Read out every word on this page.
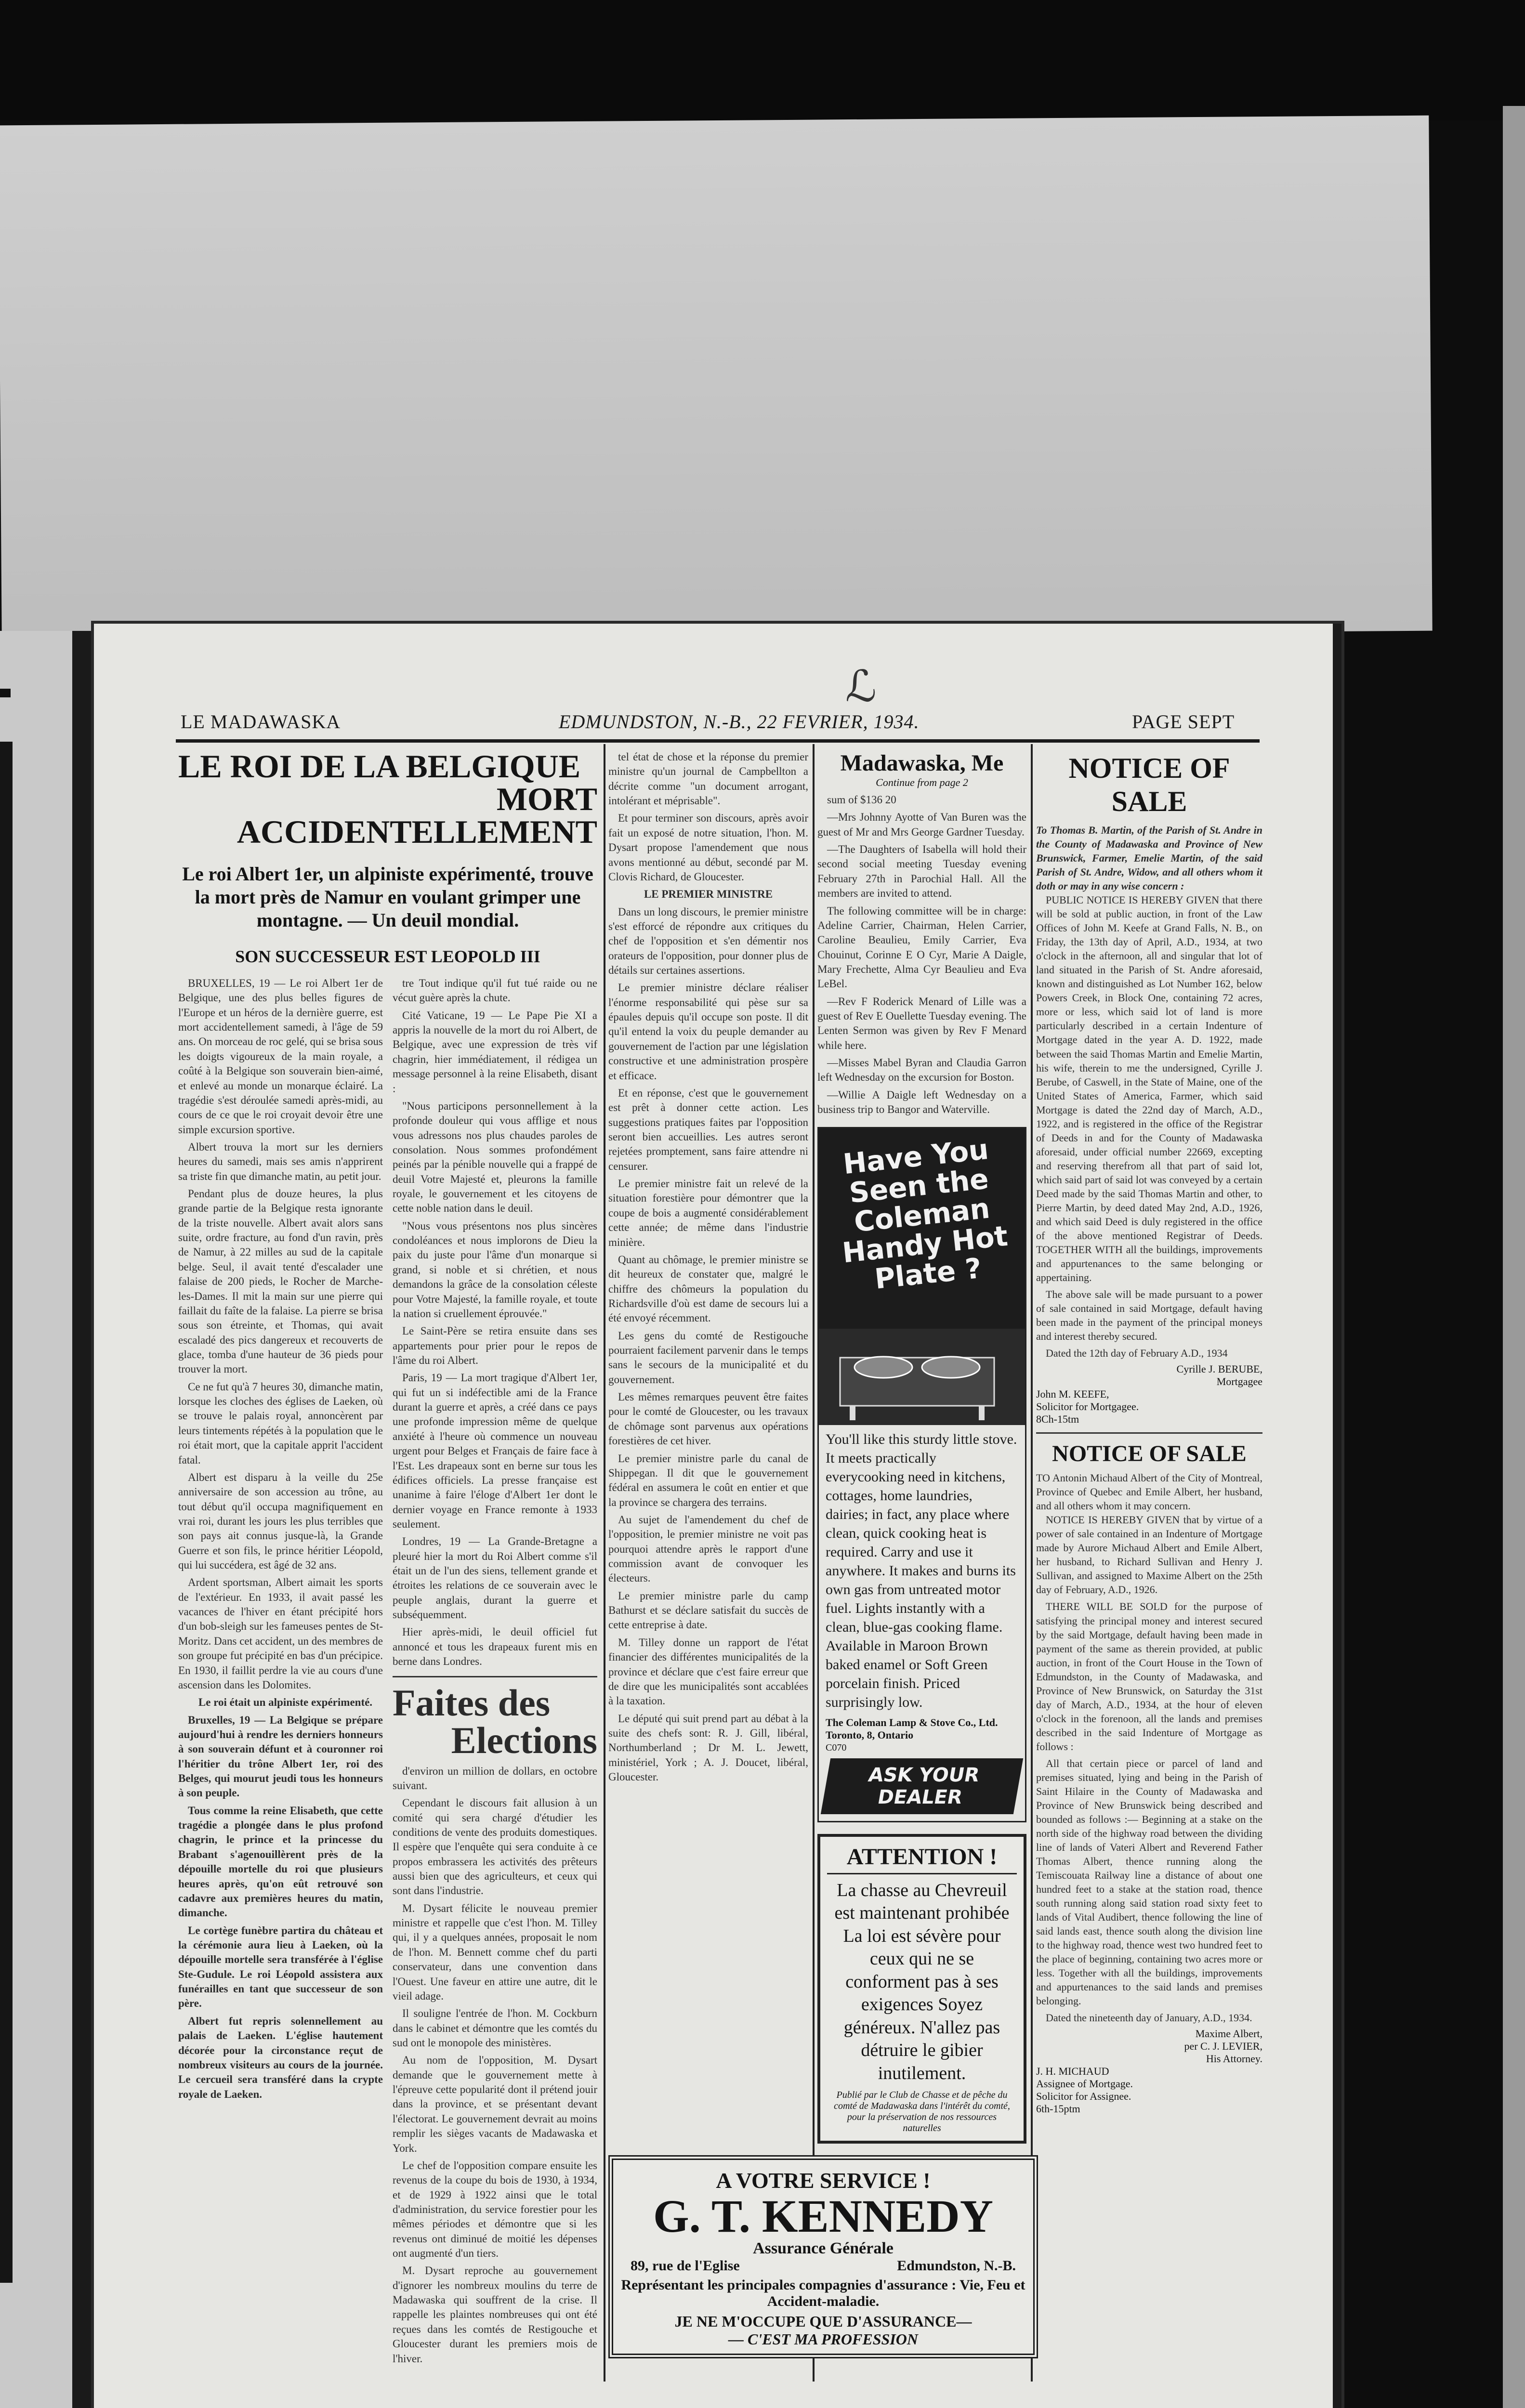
ℒ
LE MADAWASKA	EDMUNDSTON, N.-B., 22 FEVRIER, 1934.	PAGE SEPT
LE ROI DE LA BELGIQUE
MORT ACCIDENTELLEMENT
Le roi Albert 1er, un alpiniste expérimenté, trouve la mort près de Namur en voulant grimper une montagne. — Un deuil mondial.
SON SUCCESSEUR EST LEOPOLD III

BRUXELLES, 19 — Le roi Albert 1er de Belgique, une des plus belles figures de l'Europe et un héros de la dernière guerre, est mort accidentellement samedi, à l'âge de 59 ans. On morceau de roc gelé, qui se brisa sous les doigts vigoureux de la main royale, a coûté à la Belgique son souverain bien-aimé, et enlevé au monde un monarque éclairé. La tragédie s'est déroulée samedi après-midi, au cours de ce que le roi croyait devoir être une simple excursion sportive.

Albert trouva la mort sur les derniers heures du samedi, mais ses amis n'apprirent sa triste fin que dimanche matin, au petit jour.

Pendant plus de douze heures, la plus grande partie de la Belgique resta ignorante de la triste nouvelle. Albert avait alors sans suite, ordre fracture, au fond d'un ravin, près de Namur, à 22 milles au sud de la capitale belge. Seul, il avait tenté d'escalader une falaise de 200 pieds, le Rocher de Marche-les-Dames. Il mit la main sur une pierre qui faillait du faîte de la falaise. La pierre se brisa sous son étreinte, et Thomas, qui avait escaladé des pics dangereux et recouverts de glace, tomba d'une hauteur de 36 pieds pour trouver la mort.

Ce ne fut qu'à 7 heures 30, dimanche matin, lorsque les cloches des églises de Laeken, où se trouve le palais royal, annoncèrent par leurs tintements répétés à la population que le roi était mort, que la capitale apprit l'accident fatal.

Albert est disparu à la veille du 25e anniversaire de son accession au trône, au tout début qu'il occupa magnifiquement en vrai roi, durant les jours les plus terribles que son pays ait connus jusque-là, la Grande Guerre et son fils, le prince héritier Léopold, qui lui succédera, est âgé de 32 ans.

Ardent sportsman, Albert aimait les sports de l'extérieur. En 1933, il avait passé les vacances de l'hiver en étant précipité hors d'un bob-sleigh sur les fameuses pentes de St-Moritz. Dans cet accident, un des membres de son groupe fut précipité en bas d'un précipice. En 1930, il faillit perdre la vie au cours d'une ascension dans les Dolomites.

Le roi était un alpiniste expérimenté.

Bruxelles, 19 — La Belgique se prépare aujourd'hui à rendre les derniers honneurs à son souverain défunt et à couronner roi l'héritier du trône Albert 1er, roi des Belges, qui mourut jeudi tous les honneurs à son peuple.

Tous comme la reine Elisabeth, que cette tragédie a plongée dans le plus profond chagrin, le prince et la princesse du Brabant s'agenouillèrent près de la dépouille mortelle du roi que plusieurs heures après, qu'on eût retrouvé son cadavre aux premières heures du matin, dimanche.

Le cortège funèbre partira du château et la cérémonie aura lieu à Laeken, où la dépouille mortelle sera transférée à l'église Ste-Gudule. Le roi Léopold assistera aux funérailles en tant que successeur de son père.

Albert fut repris solennellement au palais de Laeken. L'église hautement décorée pour la circonstance reçut de nombreux visiteurs au cours de la journée. Le cercueil sera transféré dans la crypte royale de Laeken.

tre Tout indique qu'il fut tué raide ou ne vécut guère après la chute.

Cité Vaticane, 19 — Le Pape Pie XI a appris la nouvelle de la mort du roi Albert, de Belgique, avec une expression de très vif chagrin, hier immédiatement, il rédigea un message personnel à la reine Elisabeth, disant :

"Nous participons personnellement à la profonde douleur qui vous afflige et nous vous adressons nos plus chaudes paroles de consolation. Nous sommes profondément peinés par la pénible nouvelle qui a frappé de deuil Votre Majesté et, pleurons la famille royale, le gouvernement et les citoyens de cette noble nation dans le deuil.

"Nous vous présentons nos plus sincères condoléances et nous implorons de Dieu la paix du juste pour l'âme d'un monarque si grand, si noble et si chrétien, et nous demandons la grâce de la consolation céleste pour Votre Majesté, la famille royale, et toute la nation si cruellement éprouvée."

Le Saint-Père se retira ensuite dans ses appartements pour prier pour le repos de l'âme du roi Albert.

Paris, 19 — La mort tragique d'Albert 1er, qui fut un si indéfectible ami de la France durant la guerre et après, a créé dans ce pays une profonde impression même de quelque anxiété à l'heure où commence un nouveau urgent pour Belges et Français de faire face à l'Est. Les drapeaux sont en berne sur tous les édifices officiels. La presse française est unanime à faire l'éloge d'Albert 1er dont le dernier voyage en France remonte à 1933 seulement.

Londres, 19 — La Grande-Bretagne a pleuré hier la mort du Roi Albert comme s'il était un de l'un des siens, tellement grande et étroites les relations de ce souverain avec le peuple anglais, durant la guerre et subséquemment.

Hier après-midi, le deuil officiel fut annoncé et tous les drapeaux furent mis en berne dans Londres.

Faites des
Elections

d'environ un million de dollars, en octobre suivant.

Cependant le discours fait allusion à un comité qui sera chargé d'étudier les conditions de vente des produits domestiques. Il espère que l'enquête qui sera conduite à ce propos embrassera les activités des prêteurs aussi bien que des agriculteurs, et ceux qui sont dans l'industrie.

M. Dysart félicite le nouveau premier ministre et rappelle que c'est l'hon. M. Tilley qui, il y a quelques années, proposait le nom de l'hon. M. Bennett comme chef du parti conservateur, dans une convention dans l'Ouest. Une faveur en attire une autre, dit le vieil adage.

Il souligne l'entrée de l'hon. M. Cockburn dans le cabinet et démontre que les comtés du sud ont le monopole des ministères.

Au nom de l'opposition, M. Dysart demande que le gouvernement mette à l'épreuve cette popularité dont il prétend jouir dans la province, et se présentant devant l'électorat. Le gouvernement devrait au moins remplir les sièges vacants de Madawaska et York.

Le chef de l'opposition compare ensuite les revenus de la coupe du bois de 1930, à 1934, et de 1929 à 1922 ainsi que le total d'administration, du service forestier pour les mêmes périodes et démontre que si les revenus ont diminué de moitié les dépenses ont augmenté d'un tiers.

M. Dysart reproche au gouvernement d'ignorer les nombreux moulins du terre de Madawaska qui souffrent de la crise. Il rappelle les plaintes nombreuses qui ont été reçues dans les comtés de Restigouche et Gloucester durant les premiers mois de l'hiver.

tel état de chose et la réponse du premier ministre qu'un journal de Campbellton a décrite comme "un document arrogant, intolérant et méprisable".

Et pour terminer son discours, après avoir fait un exposé de notre situation, l'hon. M. Dysart propose l'amendement que nous avons mentionné au début, secondé par M. Clovis Richard, de Gloucester.

LE PREMIER MINISTRE

Dans un long discours, le premier ministre s'est efforcé de répondre aux critiques du chef de l'opposition et s'en démentir nos orateurs de l'opposition, pour donner plus de détails sur certaines assertions.

Le premier ministre déclare réaliser l'énorme responsabilité qui pèse sur sa épaules depuis qu'il occupe son poste. Il dit qu'il entend la voix du peuple demander au gouvernement de l'action par une législation constructive et une administration prospère et efficace.

Et en réponse, c'est que le gouvernement est prêt à donner cette action. Les suggestions pratiques faites par l'opposition seront bien accueillies. Les autres seront rejetées promptement, sans faire attendre ni censurer.

Le premier ministre fait un relevé de la situation forestière pour démontrer que la coupe de bois a augmenté considérablement cette année; de même dans l'industrie minière.

Quant au chômage, le premier ministre se dit heureux de constater que, malgré le chiffre des chômeurs la population du Richardsville d'où est dame de secours lui a été envoyé récemment.

Les gens du comté de Restigouche pourraient facilement parvenir dans le temps sans le secours de la municipalité et du gouvernement.

Les mêmes remarques peuvent être faites pour le comté de Gloucester, ou les travaux de chômage sont parvenus aux opérations forestières de cet hiver.

Le premier ministre parle du canal de Shippegan. Il dit que le gouvernement fédéral en assumera le coût en entier et que la province se chargera des terrains.

Au sujet de l'amendement du chef de l'opposition, le premier ministre ne voit pas pourquoi attendre après le rapport d'une commission avant de convoquer les électeurs.

Le premier ministre parle du camp Bathurst et se déclare satisfait du succès de cette entreprise à date.

M. Tilley donne un rapport de l'état financier des différentes municipalités de la province et déclare que c'est faire erreur que de dire que les municipalités sont accablées à la taxation.

Le député qui suit prend part au débat à la suite des chefs sont: R. J. Gill, libéral, Northumberland ; Dr M. L. Jewett, ministériel, York ; A. J. Doucet, libéral, Gloucester.

Madawaska, Me
Continue from page 2

sum of $136 20

—Mrs Johnny Ayotte of Van Buren was the guest of Mr and Mrs George Gardner Tuesday.

—The Daughters of Isabella will hold their second social meeting Tuesday evening February 27th in Parochial Hall. All the members are invited to attend.

The following committee will be in charge: Adeline Carrier, Chairman, Helen Carrier, Caroline Beaulieu, Emily Carrier, Eva Chouinut, Corinne E O Cyr, Marie A Daigle, Mary Frechette, Alma Cyr Beaulieu and Eva LeBel.

—Rev F Roderick Menard of Lille was a guest of Rev E Ouellette Tuesday evening. The Lenten Sermon was given by Rev F Menard while here.

—Misses Mabel Byran and Claudia Garron left Wednesday on the excursion for Boston.

—Willie A Daigle left Wednesday on a business trip to Bangor and Waterville.

Have You Seen the Coleman Handy Hot Plate ?
You'll like this sturdy little stove. It meets practically everycooking need in kitchens, cottages, home laundries, dairies; in fact, any place where clean, quick cooking heat is required. Carry and use it anywhere. It makes and burns its own gas from untreated motor fuel. Lights instantly with a clean, blue-gas cooking flame. Available in Maroon Brown baked enamel or Soft Green porcelain finish. Priced surprisingly low.
The Coleman Lamp & Stove Co., Ltd. Toronto, 8, Ontario
C070
ASK YOUR DEALER
ATTENTION !
La chasse au Chevreuil est maintenant prohibée La loi est sévère pour ceux qui ne se conforment pas à ses exigences Soyez généreux. N'allez pas détruire le gibier inutilement.
Publié par le Club de Chasse et de pêche du comté de Madawaska dans l'intérêt du comté, pour la préservation de nos ressources naturelles
A VOTRE SERVICE !
G. T. KENNEDY
Assurance Générale
89, rue de l'Eglise	Edmundston, N.-B.
Représentant les principales compagnies d'assurance : Vie, Feu et Accident-maladie.
JE NE M'OCCUPE QUE D'ASSURANCE—
— C'EST MA PROFESSION
NOTICE OF SALE
To Thomas B. Martin, of the Parish of St. Andre in the County of Madawaska and Province of New Brunswick, Farmer, Emelie Martin, of the said Parish of St. Andre, Widow, and all others whom it doth or may in any wise concern :

PUBLIC NOTICE IS HEREBY GIVEN that there will be sold at public auction, in front of the Law Offices of John M. Keefe at Grand Falls, N. B., on Friday, the 13th day of April, A.D., 1934, at two o'clock in the afternoon, all and singular that lot of land situated in the Parish of St. Andre aforesaid, known and distinguished as Lot Number 162, below Powers Creek, in Block One, containing 72 acres, more or less, which said lot of land is more particularly described in a certain Indenture of Mortgage dated in the year A. D. 1922, made between the said Thomas Martin and Emelie Martin, his wife, therein to me the undersigned, Cyrille J. Berube, of Caswell, in the State of Maine, one of the United States of America, Farmer, which said Mortgage is dated the 22nd day of March, A.D., 1922, and is registered in the office of the Registrar of Deeds in and for the County of Madawaska aforesaid, under official number 22669, excepting and reserving therefrom all that part of said lot, which said part of said lot was conveyed by a certain Deed made by the said Thomas Martin and other, to Pierre Martin, by deed dated May 2nd, A.D., 1926, and which said Deed is duly registered in the office of the above mentioned Registrar of Deeds. TOGETHER WITH all the buildings, improvements and appurtenances to the same belonging or appertaining.

The above sale will be made pursuant to a power of sale contained in said Mortgage, default having been made in the payment of the principal moneys and interest thereby secured.

Dated the 12th day of February A.D., 1934

Cyrille J. BERUBE,
Mortgagee
John M. KEEFE,
Solicitor for Mortgagee.
8Ch-15tm
NOTICE OF SALE
TO Antonin Michaud Albert of the City of Montreal, Province of Quebec and Emile Albert, her husband, and all others whom it may concern.

NOTICE IS HEREBY GIVEN that by virtue of a power of sale contained in an Indenture of Mortgage made by Aurore Michaud Albert and Emile Albert, her husband, to Richard Sullivan and Henry J. Sullivan, and assigned to Maxime Albert on the 25th day of February, A.D., 1926.

THERE WILL BE SOLD for the purpose of satisfying the principal money and interest secured by the said Mortgage, default having been made in payment of the same as therein provided, at public auction, in front of the Court House in the Town of Edmundston, in the County of Madawaska, and Province of New Brunswick, on Saturday the 31st day of March, A.D., 1934, at the hour of eleven o'clock in the forenoon, all the lands and premises described in the said Indenture of Mortgage as follows :

All that certain piece or parcel of land and premises situated, lying and being in the Parish of Saint Hilaire in the County of Madawaska and Province of New Brunswick being described and bounded as follows :— Beginning at a stake on the north side of the highway road between the dividing line of lands of Vateri Albert and Reverend Father Thomas Albert, thence running along the Temiscouata Railway line a distance of about one hundred feet to a stake at the station road, thence south running along said station road sixty feet to lands of Vital Audibert, thence following the line of said lands east, thence south along the division line to the highway road, thence west two hundred feet to the place of beginning, containing two acres more or less. Together with all the buildings, improvements and appurtenances to the said lands and premises belonging.

Dated the nineteenth day of January, A.D., 1934.

Maxime Albert,
per C. J. LEVIER,
His Attorney.
J. H. MICHAUD
Assignee of Mortgage.
Solicitor for Assignee.
6th-15ptm
